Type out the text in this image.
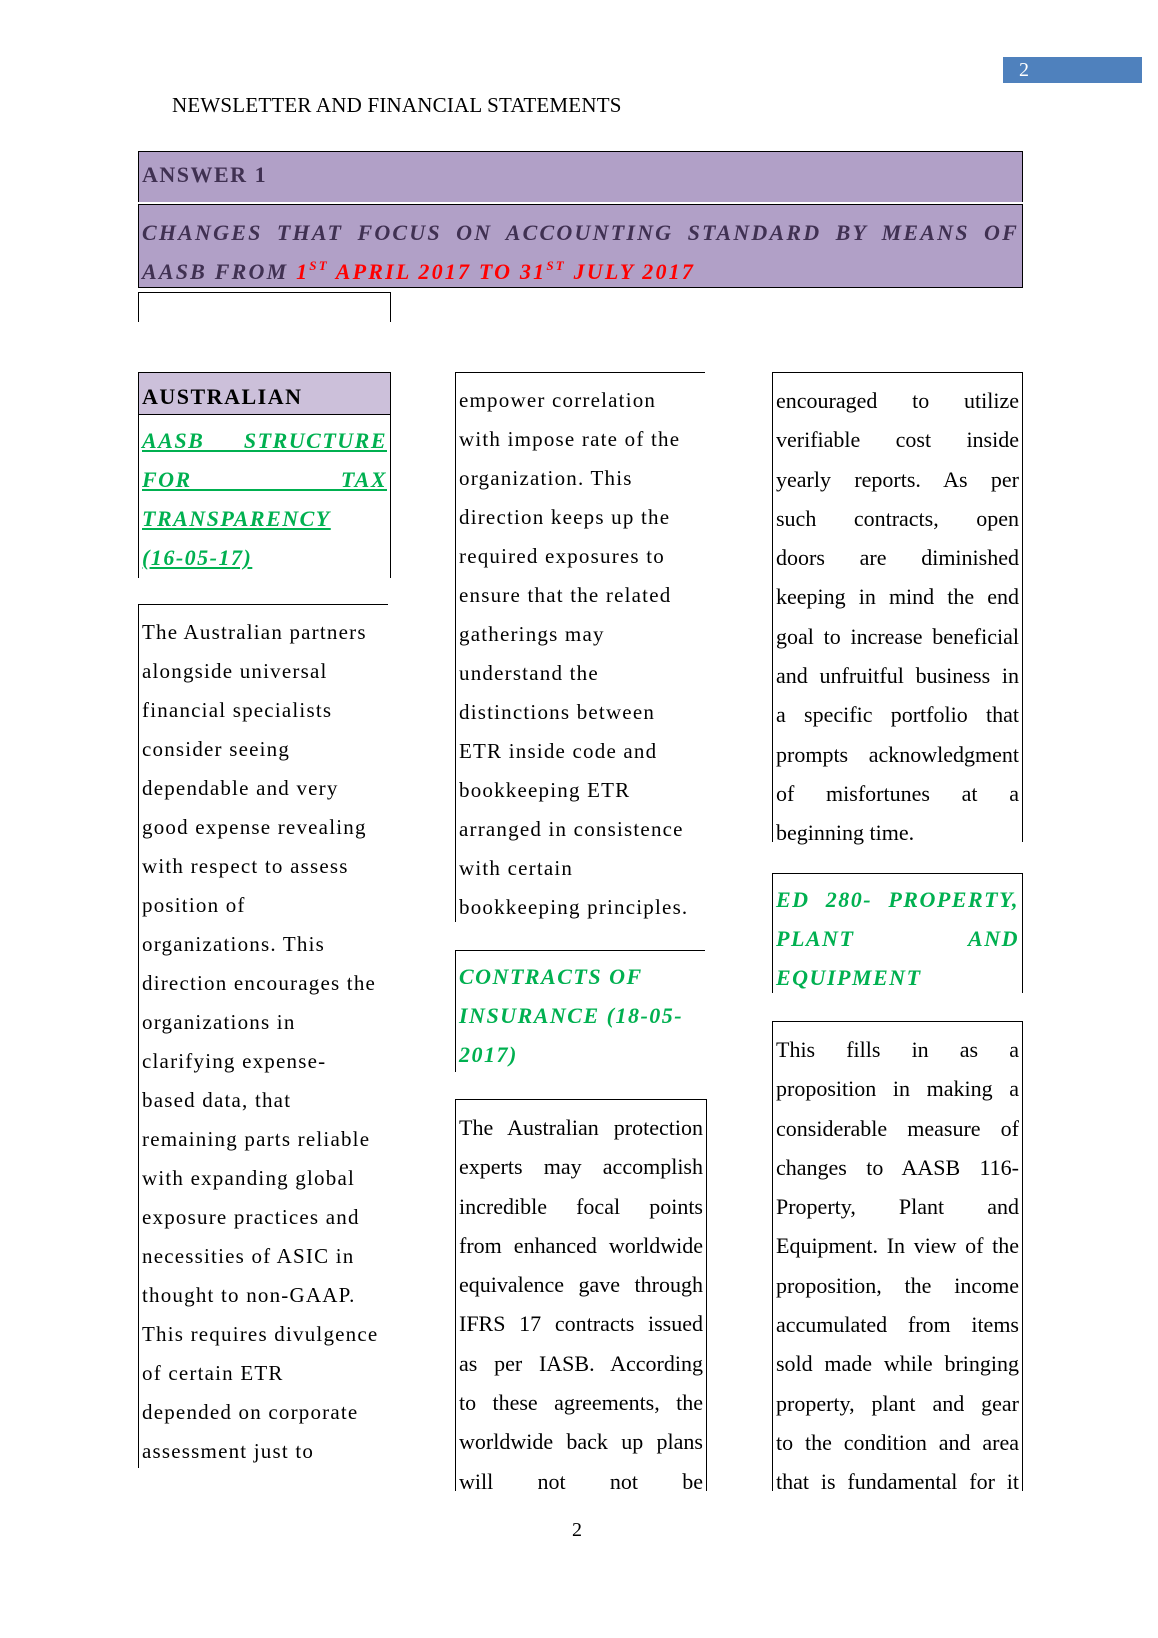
2
NEWSLETTER AND FINANCIAL STATEMENTS
ANSWER 1
CHANGES THAT FOCUS ON ACCOUNTING STANDARD BY MEANS OF
AASB FROM 1ST APRIL 2017 TO 31ST JULY 2017
AUSTRALIAN
AASB STRUCTURE
FOR TAX
TRANSPARENCY
(16-05-17)
The Australian partners
alongside universal
financial specialists
consider seeing
dependable and very
good expense revealing
with respect to assess
position of
organizations. This
direction encourages the
organizations in
clarifying expense-
based data, that
remaining parts reliable
with expanding global
exposure practices and
necessities of ASIC in
thought to non-GAAP.
This requires divulgence
of certain ETR
depended on corporate
assessment just to
empower correlation
with impose rate of the
organization. This
direction keeps up the
required exposures to
ensure that the related
gatherings may
understand the
distinctions between
ETR inside code and
bookkeeping ETR
arranged in consistence
with certain
bookkeeping principles.
CONTRACTS OF
INSURANCE (18-05-
2017)
The Australian protection
experts may accomplish
incredible focal points
from enhanced worldwide
equivalence gave through
IFRS 17 contracts issued
as per IASB. According
to these agreements, the
worldwide back up plans
will not not be
encouraged to utilize
verifiable cost inside
yearly reports. As per
such contracts, open
doors are diminished
keeping in mind the end
goal to increase beneficial
and unfruitful business in
a specific portfolio that
prompts acknowledgment
of misfortunes at a
beginning time.
ED 280- PROPERTY,
PLANT AND
EQUIPMENT
This fills in as a
proposition in making a
considerable measure of
changes to AASB 116-
Property, Plant and
Equipment. In view of the
proposition, the income
accumulated from items
sold made while bringing
property, plant and gear
to the condition and area
that is fundamental for it
2
